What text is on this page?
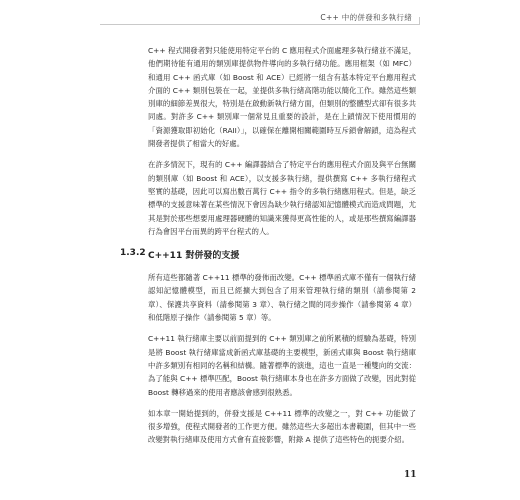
C++ 中的併發和多執行緒

C++ 程式開發者對只能使用特定平台的 C 應用程式介面處理多執行緒並不滿足，他們期待能有通用的類別庫提供物件導向的多執行緒功能。應用框架（如 MFC）和通用 C++ 函式庫（如 Boost 和 ACE）已經將一組含有基本特定平台應用程式介面的 C++ 類別包裝在一起，並提供多執行緒高階功能以簡化工作。雖然這些類別庫的細節差異很大，特別是在啟動新執行緒方面，但類別的整體型式卻有很多共同處。對許多 C++ 類別庫一個常見且重要的設計，是在上鎖情況下使用慣用的「資源獲取即初始化（RAII）」，以確保在離開相關範圍時互斥鎖會解鎖，這為程式開發者提供了相當大的好處。

在許多情況下，現有的 C++ 編譯器結合了特定平台的應用程式介面及與平台無關的類別庫（如 Boost 和 ACE），以支援多執行緒，提供撰寫 C++ 多執行緒程式堅實的基礎，因此可以寫出數百萬行 C++ 指令的多執行緒應用程式。但是，缺乏標準的支援意味著在某些情況下會因為缺少執行緒認知記憶體模式而造成問題，尤其是對於那些想要用處理器硬體的知識來獲得更高性能的人，或是那些撰寫編譯器行為會因平台而異的跨平台程式的人。

1.3.2 C++11 對併發的支援

所有這些都隨著 C++11 標準的發佈而改變。C++ 標準函式庫不僅有一個執行緒認知記憶體模型，而且已經擴大到包含了用來管理執行緒的類別（請參閱第 2 章）、保護共享資料（請參閱第 3 章）、執行緒之間的同步操作（請參閱第 4 章）和低階原子操作（請參閱第 5 章）等。

C++11 執行緒庫主要以前面提到的 C++ 類別庫之前所累積的經驗為基礎，特別是將 Boost 執行緒庫當成新函式庫基礎的主要模型，新函式庫與 Boost 執行緒庫中許多類別有相同的名稱和結構。隨著標準的演進，這也一直是一種雙向的交流：為了能與 C++ 標準匹配，Boost 執行緒庫本身也在許多方面做了改變，因此對從 Boost 轉移過來的使用者應該會感到很熟悉。

如本章一開始提到的，併發支援是 C++11 標準的改變之一，對 C++ 功能做了很多增強，使程式開發者的工作更方便。雖然這些大多超出本書範圍，但其中一些改變對執行緒庫及使用方式會有直接影響，附錄 A 提供了這些特色的扼要介紹。

11
